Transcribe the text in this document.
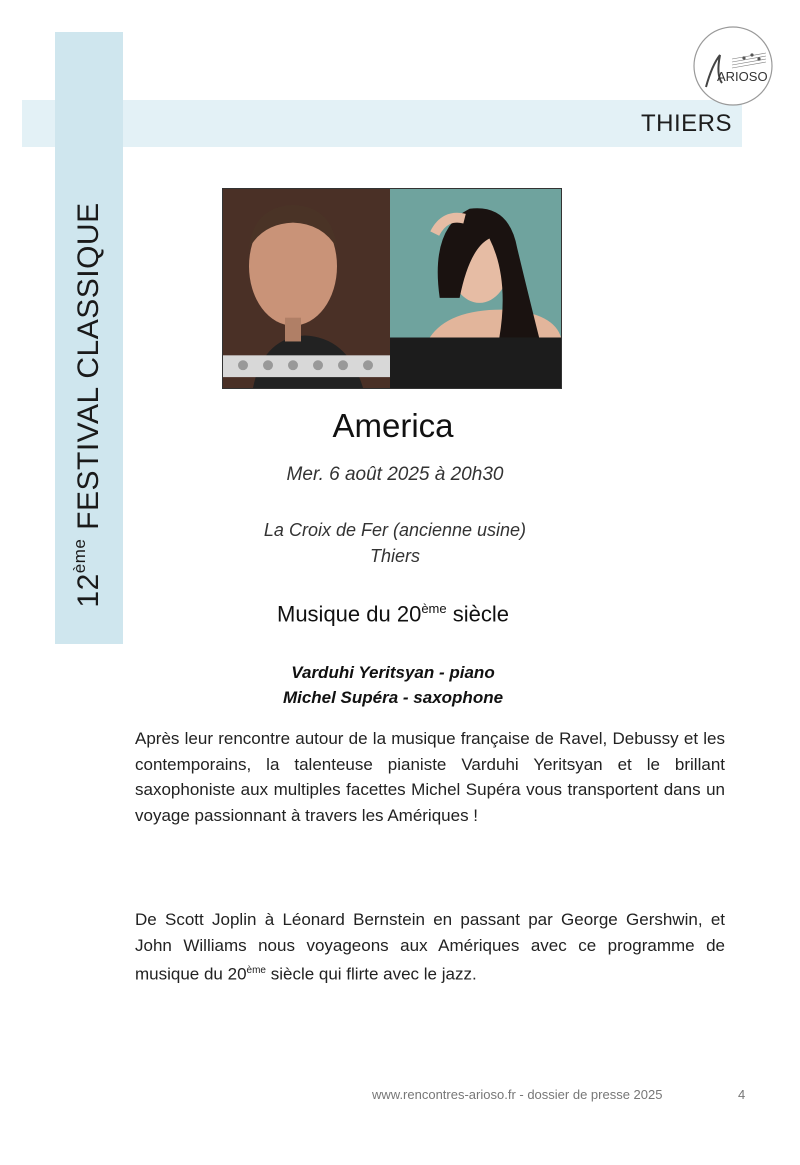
THIERS
ARIOSO
12ème FESTIVAL CLASSIQUE	America
Mer. 6 août 2025 à 20h30
La Croix de Fer (ancienne usine)
Thiers
Musique du 20ème siècle
Varduhi Yeritsyan - piano
Michel Supéra - saxophone
Après leur rencontre autour de la musique française de Ravel, Debussy et les contemporains, la talenteuse pianiste Varduhi Yeritsyan et le brillant saxophoniste aux multiples facettes Michel Supéra vous transportent dans un voyage passionnant à travers les Amériques !
De Scott Joplin à Léonard Bernstein en passant par George Gershwin, et John Williams nous voyageons aux Amériques avec ce programme de musique du 20ème siècle qui flirte avec le jazz.
www.rencontres-arioso.fr - dossier de presse 2025	4
